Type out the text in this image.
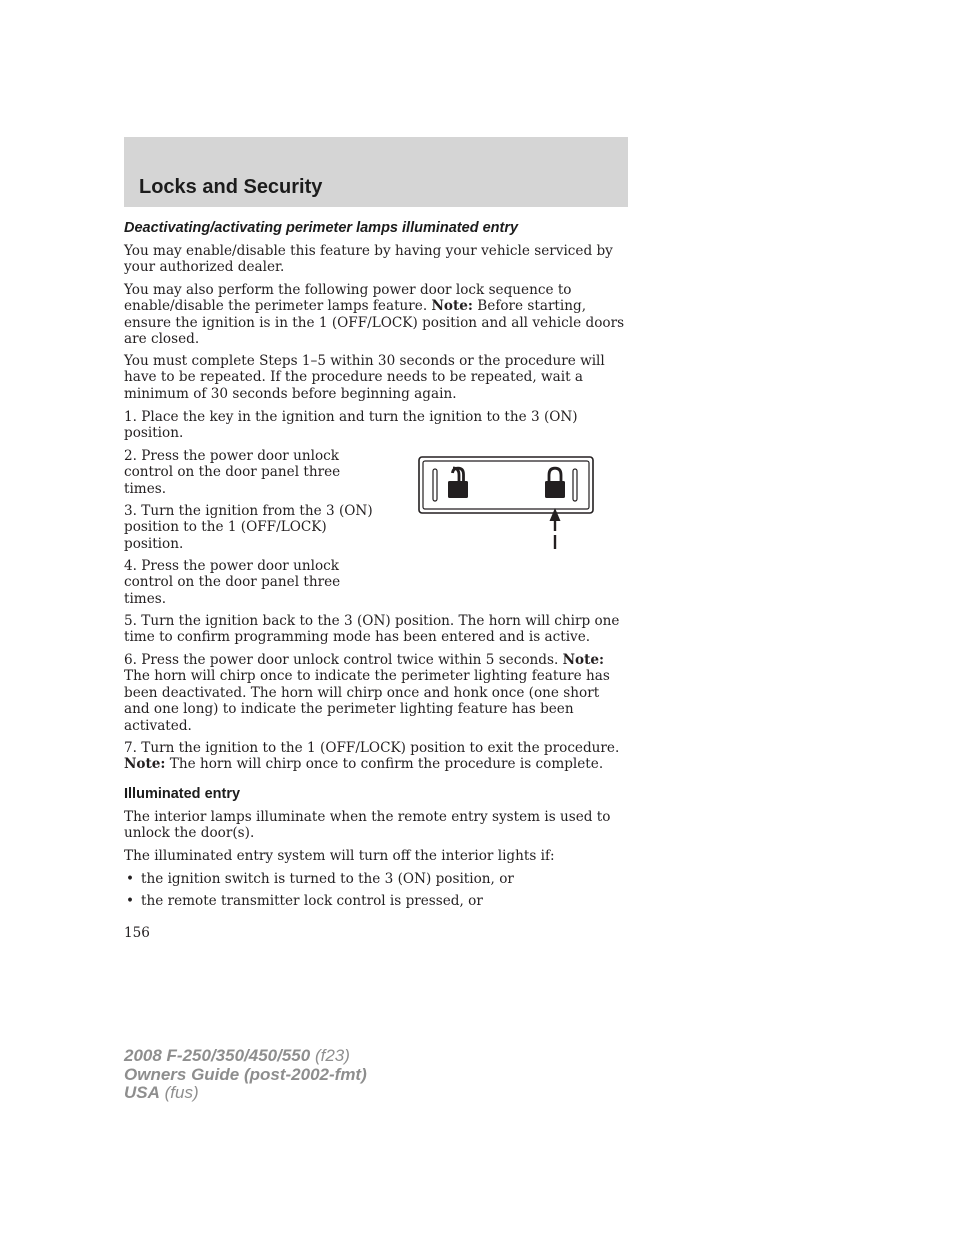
Locks and Security
Deactivating/activating perimeter lamps illuminated entry

You may enable/disable this feature by having your vehicle serviced by your authorized dealer.

You may also perform the following power door lock sequence to enable/disable the perimeter lamps feature. Note: Before starting, ensure the ignition is in the 1 (OFF/LOCK) position and all vehicle doors are closed.

You must complete Steps 1–5 within 30 seconds or the procedure will have to be repeated. If the procedure needs to be repeated, wait a minimum of 30 seconds before beginning again.

1. Place the key in the ignition and turn the ignition to the 3 (ON) position.

2. Press the power door unlock control on the door panel three times.

3. Turn the ignition from the 3 (ON) position to the 1 (OFF/LOCK) position.

4. Press the power door unlock control on the door panel three times.

5. Turn the ignition back to the 3 (ON) position. The horn will chirp one time to confirm programming mode has been entered and is active.

6. Press the power door unlock control twice within 5 seconds. Note: The horn will chirp once to indicate the perimeter lighting feature has been deactivated. The horn will chirp once and honk once (one short and one long) to indicate the perimeter lighting feature has been activated.

7. Turn the ignition to the 1 (OFF/LOCK) position to exit the procedure. Note: The horn will chirp once to confirm the procedure is complete.

Illuminated entry

The interior lamps illuminate when the remote entry system is used to unlock the door(s).

The illuminated entry system will turn off the interior lights if:

• the ignition switch is turned to the 3 (ON) position, or
• the remote transmitter lock control is pressed, or

156

2008 F-250/350/450/550 (f23)
Owners Guide (post-2002-fmt)
USA (fus)
